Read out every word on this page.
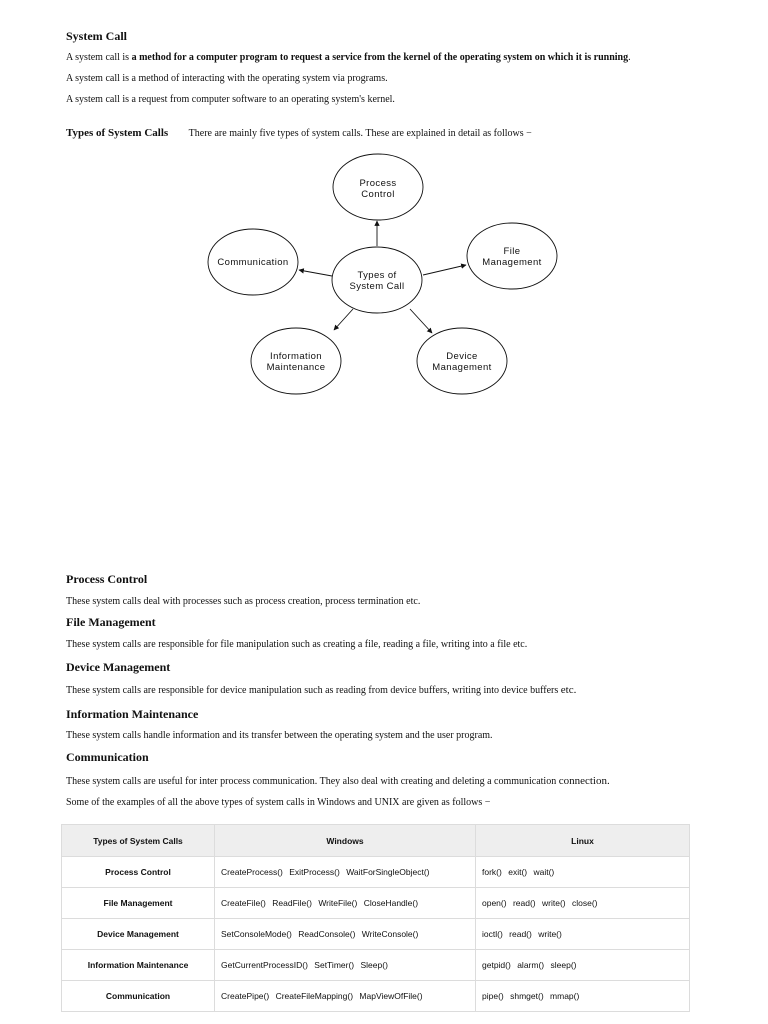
System Call
A system call is a method for a computer program to request a service from the kernel of the operating system on which it is running.
A system call is a method of interacting with the operating system via programs.
A system call is a request from computer software to an operating system's kernel.
Types of System Calls There are mainly five types of system calls. These are explained in detail as follows −
Types of
System Call
Process
Control
File
Management
Communication
Information
Maintenance
Device
Management
Process Control
These system calls deal with processes such as process creation, process termination etc.
File Management
These system calls are responsible for file manipulation such as creating a file, reading a file, writing into a file etc.
Device Management
These system calls are responsible for device manipulation such as reading from device buffers, writing into device buffers etc.
Information Maintenance
These system calls handle information and its transfer between the operating system and the user program.
Communication
These system calls are useful for inter process communication. They also deal with creating and deleting a communication connection.
Some of the examples of all the above types of system calls in Windows and UNIX are given as follows −
Types of System Calls	Windows	Linux
Process Control	CreateProcess() ExitProcess() WaitForSingleObject()	fork() exit() wait()
File Management	CreateFile() ReadFile() WriteFile() CloseHandle()	open() read() write() close()
Device Management	SetConsoleMode() ReadConsole() WriteConsole()	ioctl() read() write()
Information Maintenance	GetCurrentProcessID() SetTimer() Sleep()	getpid() alarm() sleep()
Communication	CreatePipe() CreateFileMapping() MapViewOfFile()	pipe() shmget() mmap()
